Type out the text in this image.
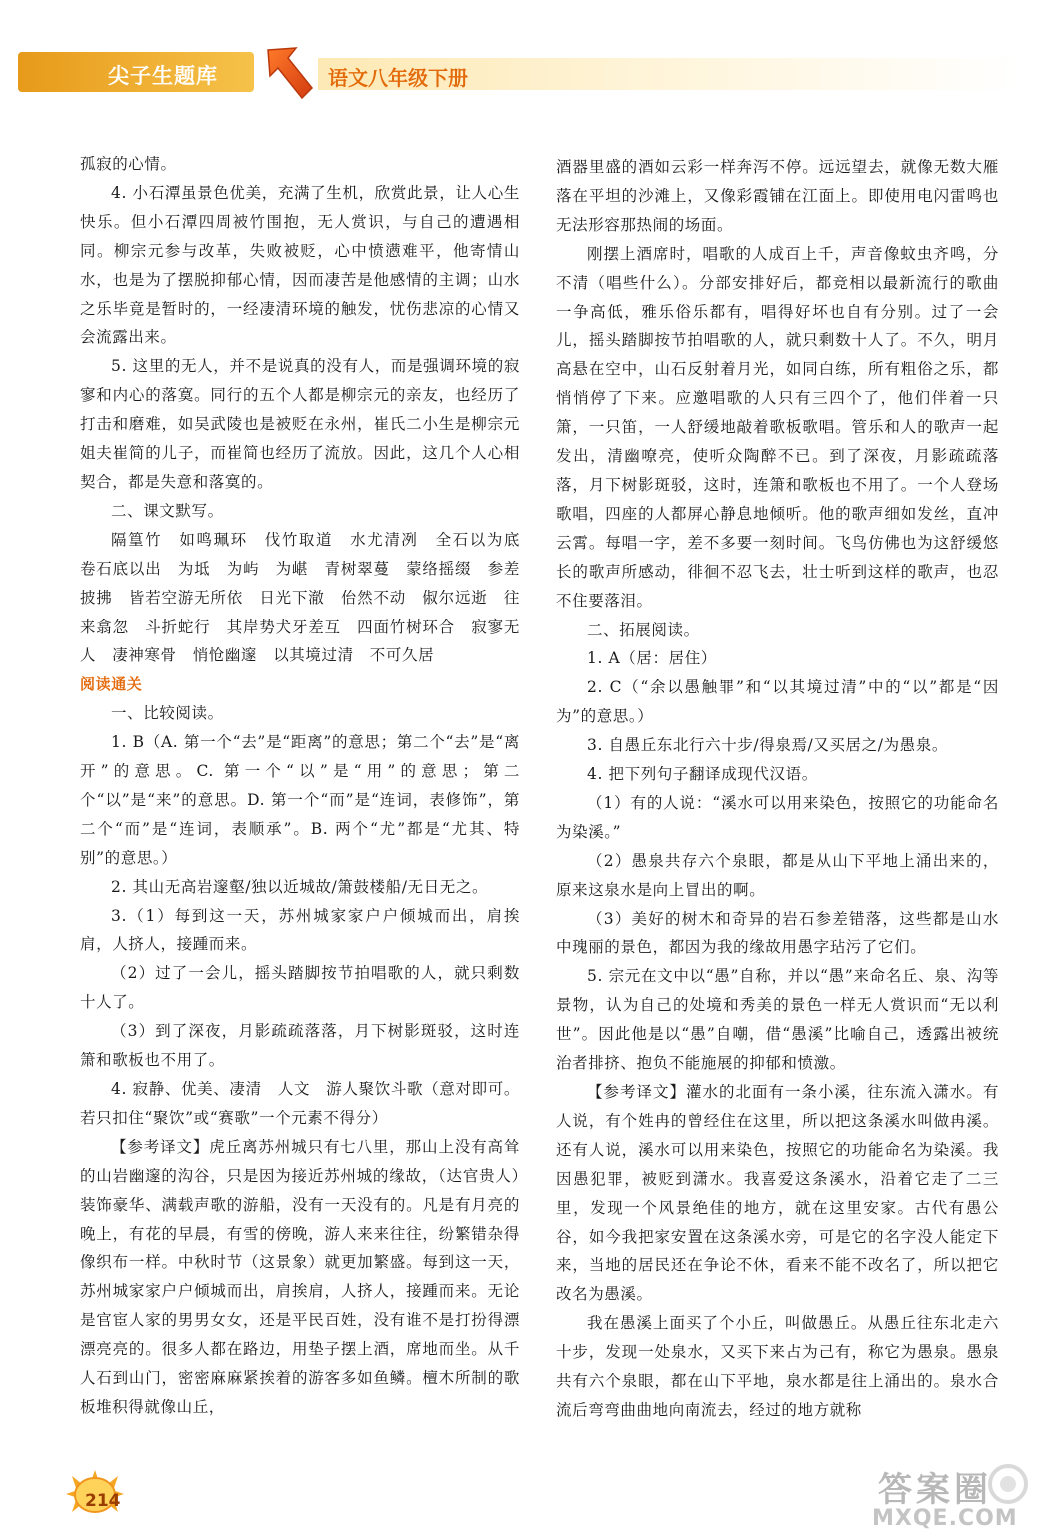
尖子生题库	语文八年级下册

孤寂的心情。

4. 小石潭虽景色优美，充满了生机，欣赏此景，让人心生快乐。但小石潭四周被竹围抱，无人赏识，与自己的遭遇相同。柳宗元参与改革，失败被贬，心中愤懑难平，他寄情山水，也是为了摆脱抑郁心情，因而凄苦是他感情的主调；山水之乐毕竟是暂时的，一经凄清环境的触发，忧伤悲凉的心情又会流露出来。

5. 这里的无人，并不是说真的没有人，而是强调环境的寂寥和内心的落寞。同行的五个人都是柳宗元的亲友，也经历了打击和磨难，如吴武陵也是被贬在永州，崔氏二小生是柳宗元姐夫崔简的儿子，而崔简也经历了流放。因此，这几个人心相契合，都是失意和落寞的。

二、课文默写。

隔篁竹　如鸣珮环　伐竹取道　水尤清冽　全石以为底　卷石底以出　为坻　为屿　为嵁　青树翠蔓　蒙络摇缀　参差披拂　皆若空游无所依　日光下澈　佁然不动　俶尔远逝　往来翕忽　斗折蛇行　其岸势犬牙差互　四面竹树环合　寂寥无人　凄神寒骨　悄怆幽邃　以其境过清　不可久居

阅读通关

一、比较阅读。

1. B（A. 第一个“去”是“距离”的意思；第二个“去”是“离开”的意思。C. 第一个“以”是“用”的意思；第二个“以”是“来”的意思。D. 第一个“而”是“连词，表修饰”，第二个“而”是“连词，表顺承”。B. 两个“尤”都是“尤其、特别”的意思。）

2. 其山无高岩邃壑/独以近城故/箫鼓楼船/无日无之。

3.（1）每到这一天，苏州城家家户户倾城而出，肩挨肩，人挤人，接踵而来。

（2）过了一会儿，摇头踏脚按节拍唱歌的人，就只剩数十人了。

（3）到了深夜，月影疏疏落落，月下树影斑驳，这时连箫和歌板也不用了。

4. 寂静、优美、凄清　人文　游人聚饮斗歌（意对即可。若只扣住“聚饮”或“赛歌”一个元素不得分）

【参考译文】虎丘离苏州城只有七八里，那山上没有高耸的山岩幽邃的沟谷，只是因为接近苏州城的缘故，（达官贵人）装饰豪华、满载声歌的游船，没有一天没有的。凡是有月亮的晚上，有花的早晨，有雪的傍晚，游人来来往往，纷繁错杂得像织布一样。中秋时节（这景象）就更加繁盛。每到这一天，苏州城家家户户倾城而出，肩挨肩，人挤人，接踵而来。无论是官宦人家的男男女女，还是平民百姓，没有谁不是打扮得漂漂亮亮的。很多人都在路边，用垫子摆上酒，席地而坐。从千人石到山门，密密麻麻紧挨着的游客多如鱼鳞。檀木所制的歌板堆积得就像山丘，

酒器里盛的酒如云彩一样奔泻不停。远远望去，就像无数大雁落在平坦的沙滩上，又像彩霞铺在江面上。即使用电闪雷鸣也无法形容那热闹的场面。

刚摆上酒席时，唱歌的人成百上千，声音像蚊虫齐鸣，分不清（唱些什么）。分部安排好后，都竞相以最新流行的歌曲一争高低，雅乐俗乐都有，唱得好坏也自有分别。过了一会儿，摇头踏脚按节拍唱歌的人，就只剩数十人了。不久，明月高悬在空中，山石反射着月光，如同白练，所有粗俗之乐，都悄悄停了下来。应邀唱歌的人只有三四个了，他们伴着一只箫，一只笛，一人舒缓地敲着歌板歌唱。管乐和人的歌声一起发出，清幽嘹亮，使听众陶醉不已。到了深夜，月影疏疏落落，月下树影斑驳，这时，连箫和歌板也不用了。一个人登场歌唱，四座的人都屏心静息地倾听。他的歌声细如发丝，直冲云霄。每唱一字，差不多要一刻时间。飞鸟仿佛也为这舒缓悠长的歌声所感动，徘徊不忍飞去，壮士听到这样的歌声，也忍不住要落泪。

二、拓展阅读。

1. A（居：居住）

2. C（“余以愚触罪”和“以其境过清”中的“以”都是“因为”的意思。）

3. 自愚丘东北行六十步/得泉焉/又买居之/为愚泉。

4. 把下列句子翻译成现代汉语。

（1）有的人说：“溪水可以用来染色，按照它的功能命名为染溪。”

（2）愚泉共存六个泉眼，都是从山下平地上涌出来的，原来这泉水是向上冒出的啊。

（3）美好的树木和奇异的岩石参差错落，这些都是山水中瑰丽的景色，都因为我的缘故用愚字玷污了它们。

5. 宗元在文中以“愚”自称，并以“愚”来命名丘、泉、沟等景物，认为自己的处境和秀美的景色一样无人赏识而“无以利世”。因此他是以“愚”自嘲，借“愚溪”比喻自己，透露出被统治者排挤、抱负不能施展的抑郁和愤激。

【参考译文】灌水的北面有一条小溪，往东流入潇水。有人说，有个姓冉的曾经住在这里，所以把这条溪水叫做冉溪。还有人说，溪水可以用来染色，按照它的功能命名为染溪。我因愚犯罪，被贬到潇水。我喜爱这条溪水，沿着它走了二三里，发现一个风景绝佳的地方，就在这里安家。古代有愚公谷，如今我把家安置在这条溪水旁，可是它的名字没人能定下来，当地的居民还在争论不休，看来不能不改名了，所以把它改名为愚溪。

我在愚溪上面买了个小丘，叫做愚丘。从愚丘往东北走六十步，发现一处泉水，又买下来占为己有，称它为愚泉。愚泉共有六个泉眼，都在山下平地，泉水都是往上涌出的。泉水合流后弯弯曲曲地向南流去，经过的地方就称

214	答案圈
MXQE.COM
